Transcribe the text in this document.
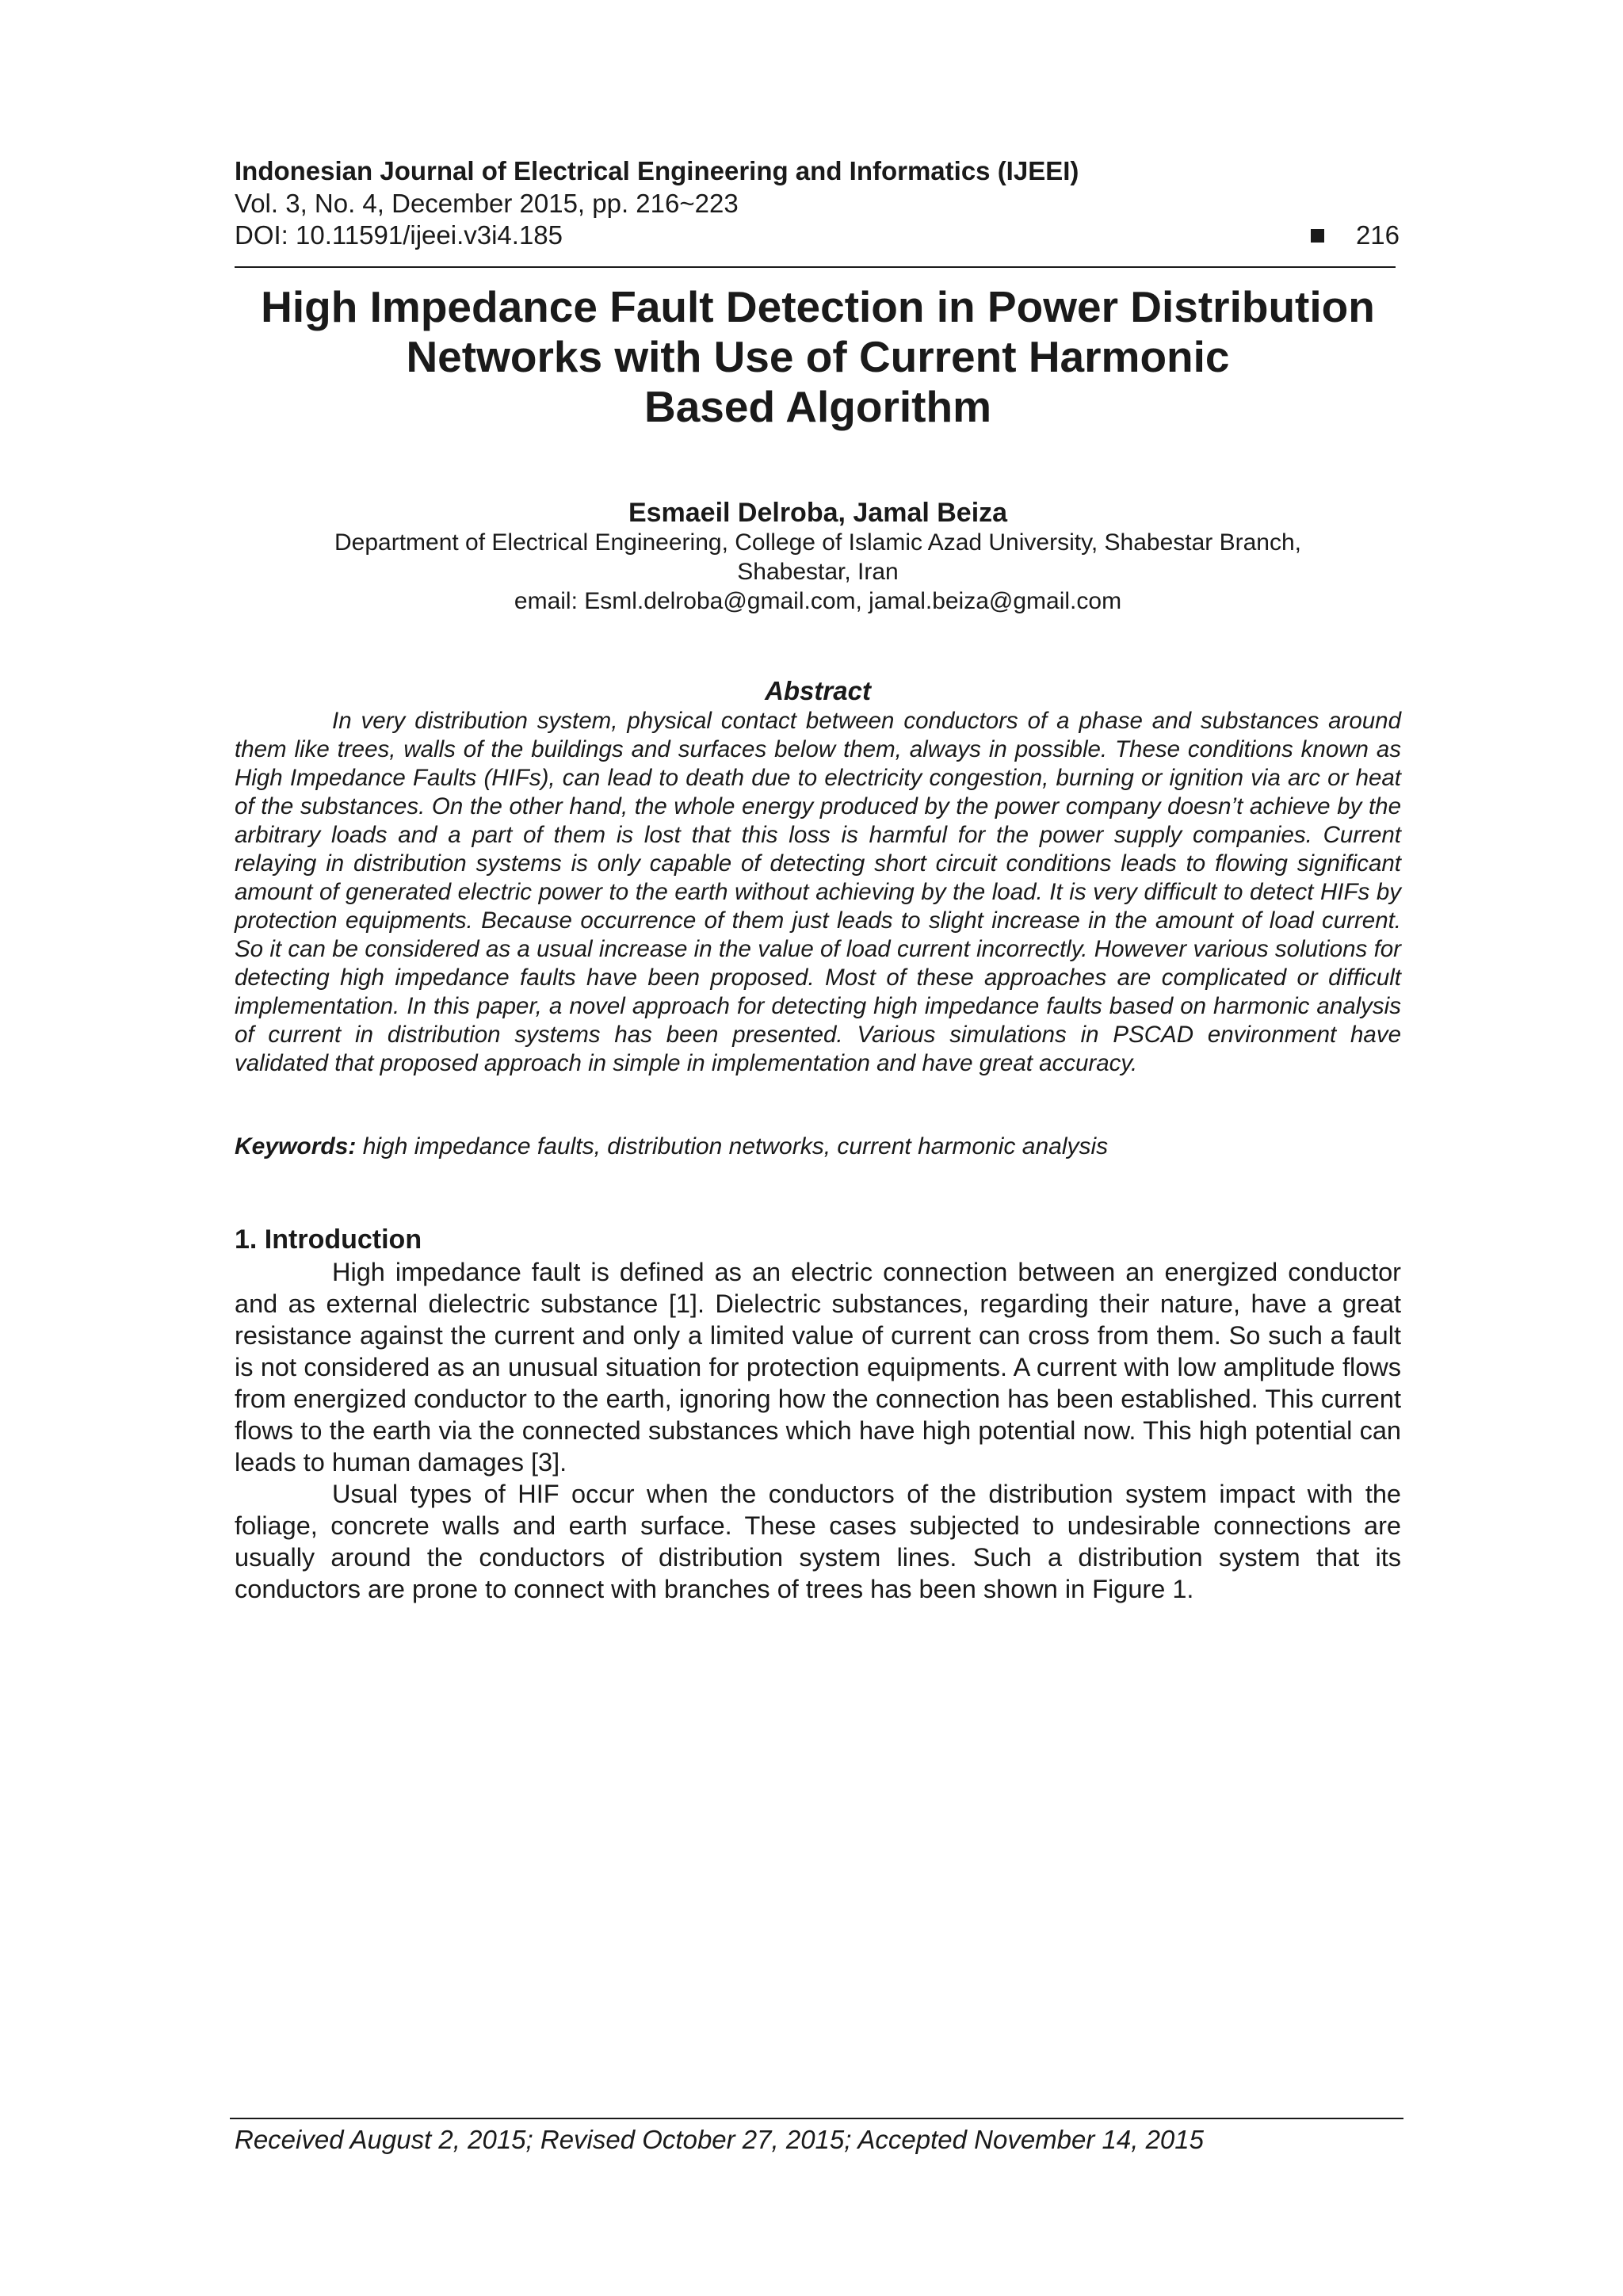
Indonesian Journal of Electrical Engineering and Informatics (IJEEI)
Vol. 3, No. 4, December 2015, pp. 216~223
DOI: 10.11591/ijeei.v3i4.185	216
High Impedance Fault Detection in Power Distribution
Networks with Use of Current Harmonic
Based Algorithm
Esmaeil Delroba, Jamal Beiza
Department of Electrical Engineering, College of Islamic Azad University, Shabestar Branch,
Shabestar, Iran
email: Esml.delroba@gmail.com, jamal.beiza@gmail.com
Abstract

In very distribution system, physical contact between conductors of a phase and substances around them like trees, walls of the buildings and surfaces below them, always in possible. These conditions known as High Impedance Faults (HIFs), can lead to death due to electricity congestion, burning or ignition via arc or heat of the substances. On the other hand, the whole energy produced by the power company doesn’t achieve by the arbitrary loads and a part of them is lost that this loss is harmful for the power supply companies. Current relaying in distribution systems is only capable of detecting short circuit conditions leads to flowing significant amount of generated electric power to the earth without achieving by the load. It is very difficult to detect HIFs by protection equipments. Because occurrence of them just leads to slight increase in the amount of load current. So it can be considered as a usual increase in the value of load current incorrectly. However various solutions for detecting high impedance faults have been proposed. Most of these approaches are complicated or difficult implementation. In this paper, a novel approach for detecting high impedance faults based on harmonic analysis of current in distribution systems has been presented. Various simulations in PSCAD environment have validated that proposed approach in simple in implementation and have great accuracy.

Keywords: high impedance faults, distribution networks, current harmonic analysis
1. Introduction

High impedance fault is defined as an electric connection between an energized conductor and as external dielectric substance [1]. Dielectric substances, regarding their nature, have a great resistance against the current and only a limited value of current can cross from them. So such a fault is not considered as an unusual situation for protection equipments. A current with low amplitude flows from energized conductor to the earth, ignoring how the connection has been established. This current flows to the earth via the connected substances which have high potential now. This high potential can leads to human damages [3].

Usual types of HIF occur when the conductors of the distribution system impact with the foliage, concrete walls and earth surface. These cases subjected to undesirable connections are usually around the conductors of distribution system lines. Such a distribution system that its conductors are prone to connect with branches of trees has been shown in Figure 1.

Received August 2, 2015; Revised October 27, 2015; Accepted November 14, 2015
